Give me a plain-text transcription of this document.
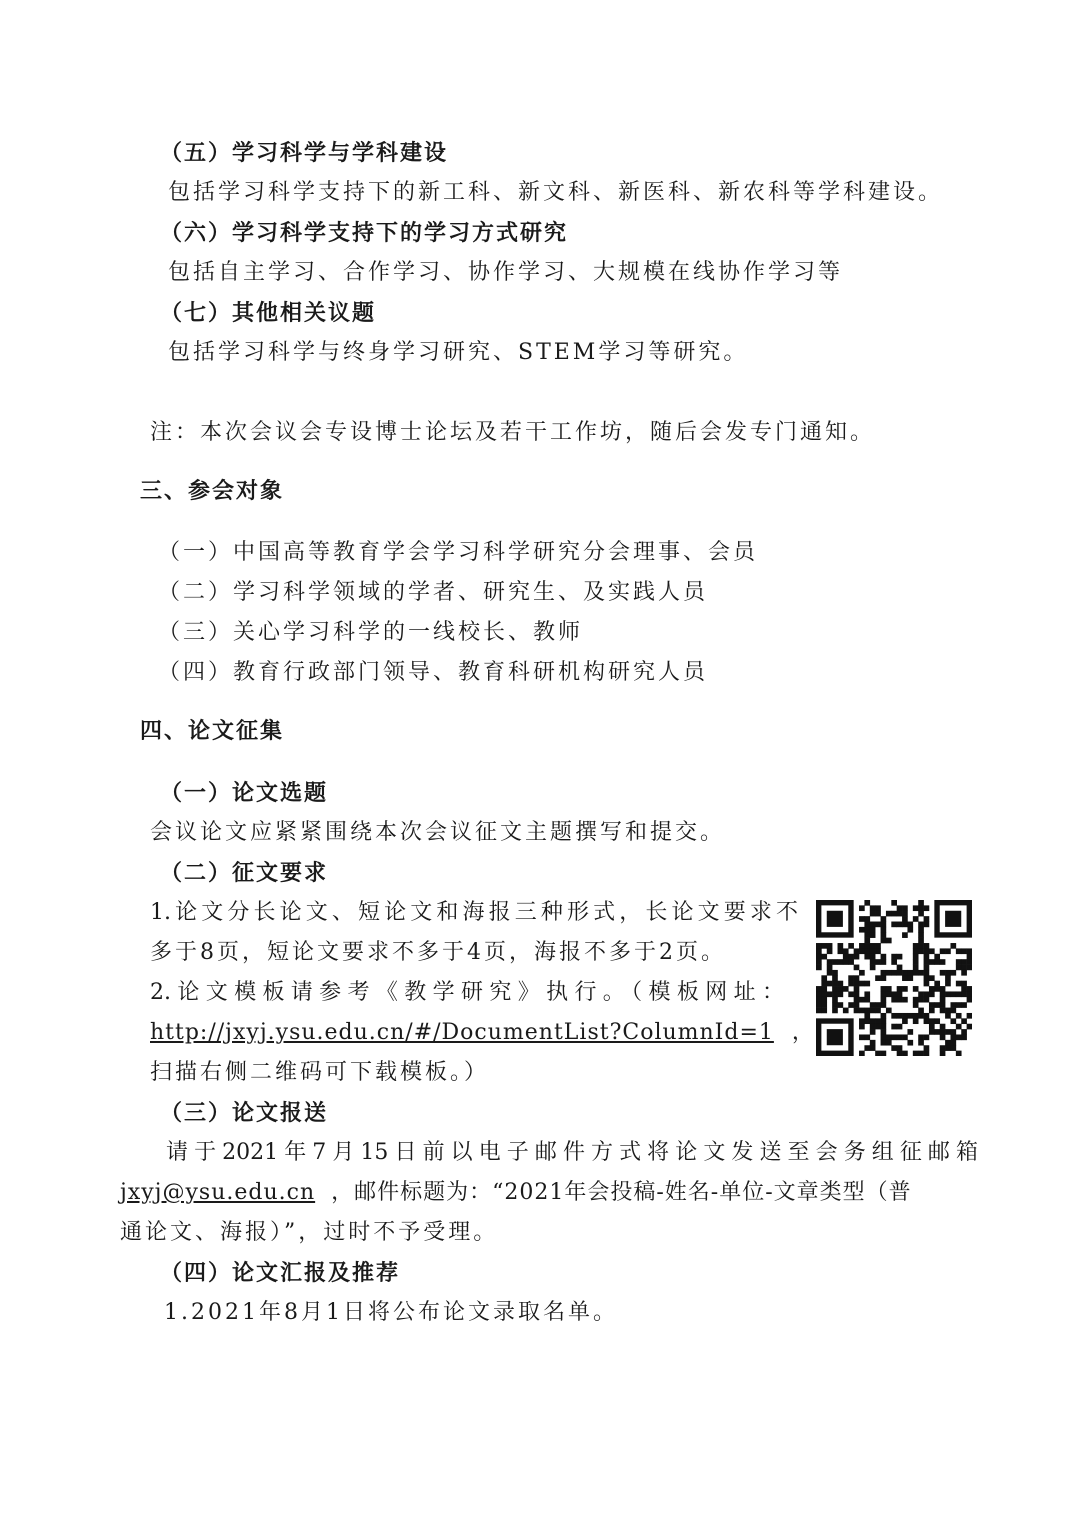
（五）学习科学与学科建设
包括学习科学支持下的新工科、新文科、新医科、新农科等学科建设。
（六）学习科学支持下的学习方式研究
包括自主学习、合作学习、协作学习、大规模在线协作学习等
（七）其他相关议题
包括学习科学与终身学习研究、STEM学习等研究。
注：本次会议会专设博士论坛及若干工作坊，随后会发专门通知。
三、参会对象
（一）中国高等教育学会学习科学研究分会理事、会员
（二）学习科学领域的学者、研究生、及实践人员
（三）关心学习科学的一线校长、教师
（四）教育行政部门领导、教育科研机构研究人员
四、论文征集
（一）论文选题
会议论文应紧紧围绕本次会议征文主题撰写和提交。
（二）征文要求
1.论文分长论文、短论文和海报三种形式，长论文要求不
多于8页，短论文要求不多于4页，海报不多于2页。
2.论文模板请参考《教学研究》执行。（模板网址：
http://jxyj.ysu.edu.cn/#/DocumentList?ColumnId=1 ，
扫描右侧二维码可下载模板。）
（三）论文报送
请于2021年7月15日前以电子邮件方式将论文发送至会务组征邮箱
jxyj@ysu.edu.cn ，邮件标题为：“2021年会投稿-姓名-单位-文章类型（普
通论文、海报）”，过时不予受理。
（四）论文汇报及推荐
1.2021年8月1日将公布论文录取名单。
